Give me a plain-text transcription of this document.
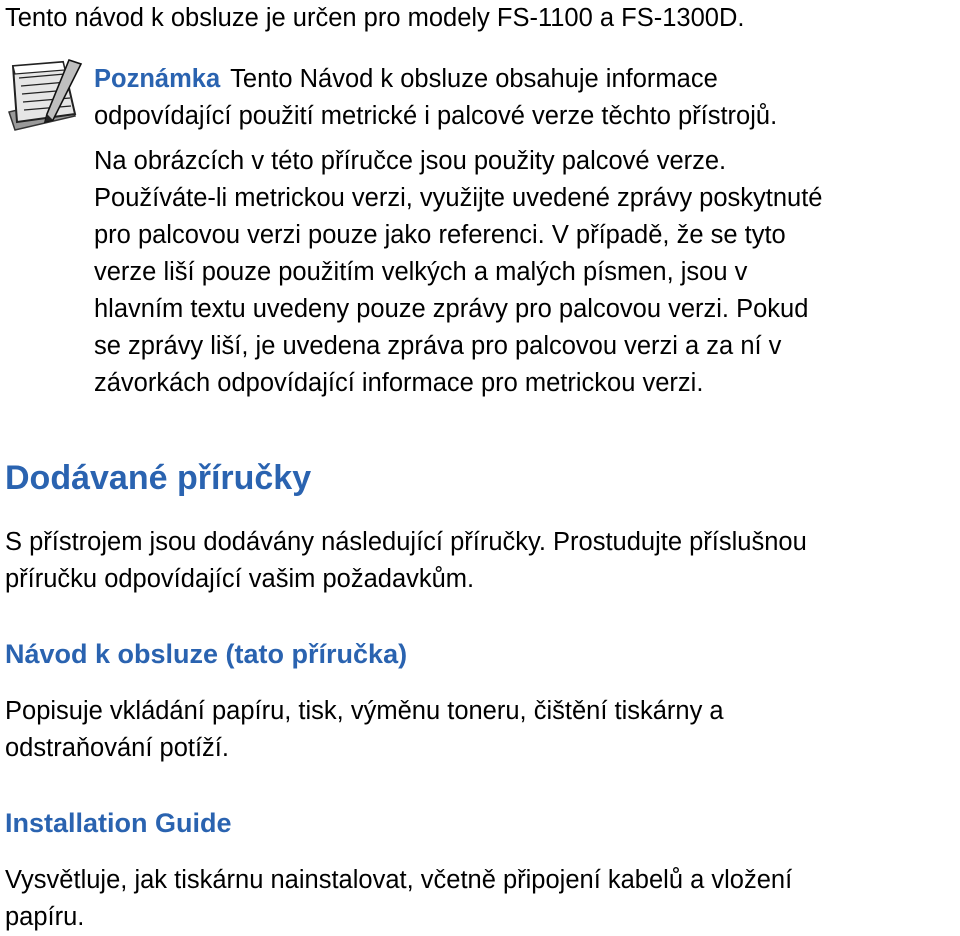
Tento návod k obsluze je určen pro modely FS-1100 a FS-1300D.

Poznámka Tento Návod k obsluze obsahuje informace

odpovídající použití metrické i palcové verze těchto přístrojů.

Na obrázcích v této příručce jsou použity palcové verze.

Používáte-li metrickou verzi, využijte uvedené zprávy poskytnuté

pro palcovou verzi pouze jako referenci. V případě, že se tyto

verze liší pouze použitím velkých a malých písmen, jsou v

hlavním textu uvedeny pouze zprávy pro palcovou verzi. Pokud

se zprávy liší, je uvedena zpráva pro palcovou verzi a za ní v

závorkách odpovídající informace pro metrickou verzi.

Dodávané příručky

S přístrojem jsou dodávány následující příručky. Prostudujte příslušnou

příručku odpovídající vašim požadavkům.

Návod k obsluze (tato příručka)

Popisuje vkládání papíru, tisk, výměnu toneru, čištění tiskárny a

odstraňování potíží.

Installation Guide

Vysvětluje, jak tiskárnu nainstalovat, včetně připojení kabelů a vložení

papíru.
